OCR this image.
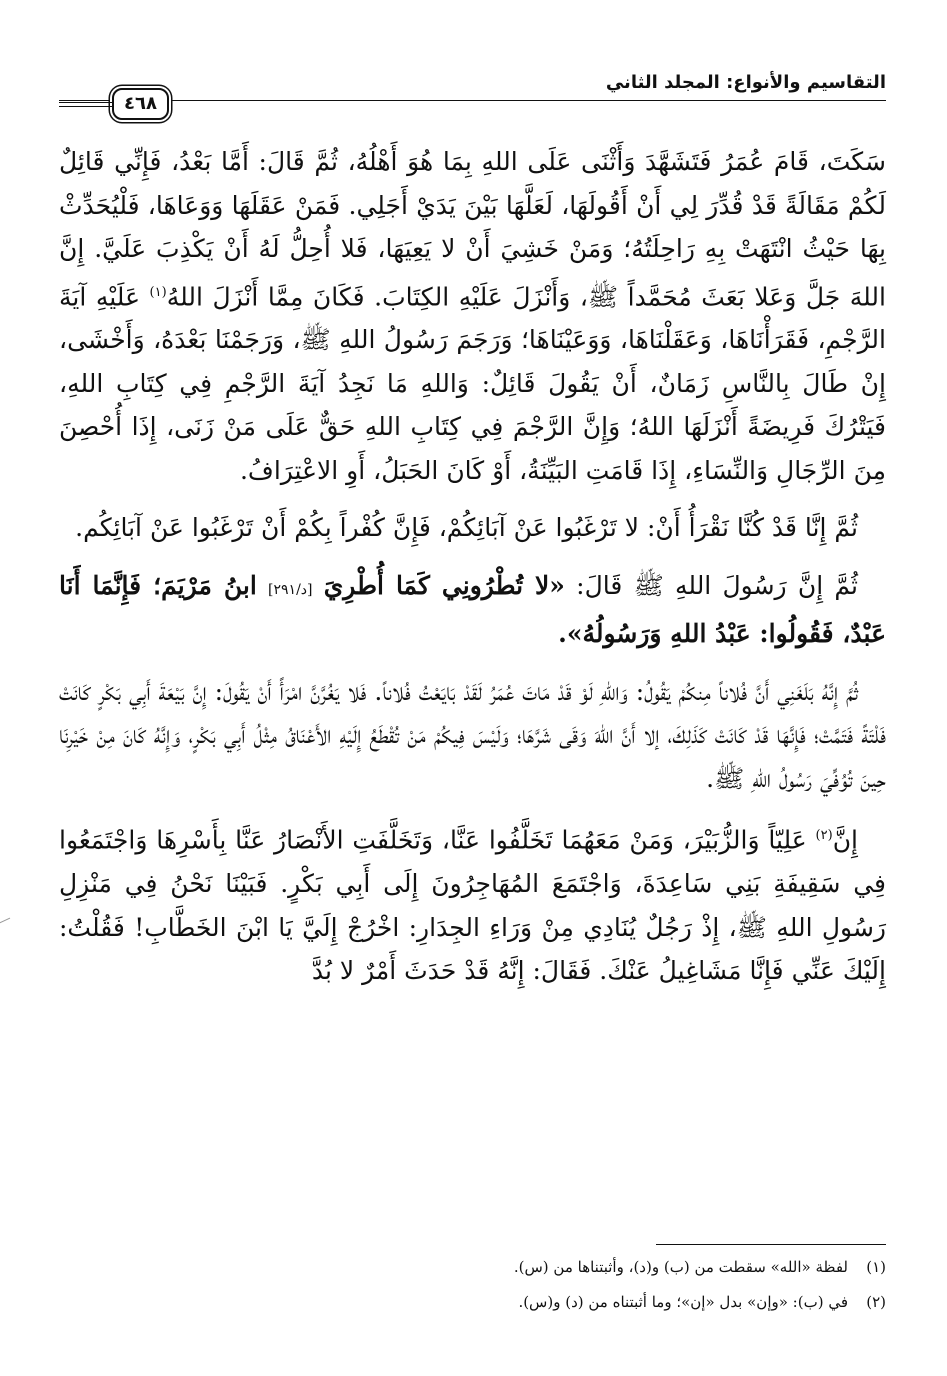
التقاسيم والأنواع: المجلد الثاني
٤٦٨

سَكَتَ، قَامَ عُمَرُ فَتَشَهَّدَ وَأَثْنَى عَلَى اللهِ بِمَا هُوَ أَهْلُهُ، ثُمَّ قَالَ: أَمَّا بَعْدُ، فَإِنِّي قَائِلٌ لَكُمْ مَقَالَةً قَدْ قُدِّرَ لِي أَنْ أَقُولَهَا، لَعَلَّهَا بَيْنَ يَدَيْ أَجَلِي. فَمَنْ عَقَلَهَا وَوَعَاهَا، فَلْيُحَدِّثْ بِهَا حَيْثُ انْتَهَتْ بِهِ رَاحِلَتُهُ؛ وَمَنْ خَشِيَ أَنْ لا يَعِيَهَا، فَلا أُحِلُّ لَهُ أَنْ يَكْذِبَ عَلَيَّ. إِنَّ اللهَ جَلَّ وَعَلا بَعَثَ مُحَمَّداً ﷺ، وَأَنْزَلَ عَلَيْهِ الكِتَابَ. فَكَانَ مِمَّا أَنْزَلَ اللهُ$^{(١)}$ عَلَيْهِ آيَةَ الرَّجْمِ، فَقَرَأْنَاهَا، وَعَقَلْنَاهَا، وَوَعَيْنَاهَا؛ وَرَجَمَ رَسُولُ اللهِ ﷺ، وَرَجَمْنَا بَعْدَهُ، وَأَخْشَى، إِنْ طَالَ بِالنَّاسِ زَمَانٌ، أَنْ يَقُولَ قَائِلٌ: وَاللهِ مَا نَجِدُ آيَةَ الرَّجْمِ فِي كِتَابِ اللهِ، فَيَتْرُكَ فَرِيضَةً أَنْزَلَهَا اللهُ؛ وَإِنَّ الرَّجْمَ فِي كِتَابِ اللهِ حَقٌّ عَلَى مَنْ زَنَى، إِذَا أُحْصِنَ مِنَ الرِّجَالِ وَالنِّسَاءِ، إِذَا قَامَتِ البَيِّنَةُ، أَوْ كَانَ الحَبَلُ، أَوِ الاعْتِرَافُ.

ثُمَّ إِنَّا قَدْ كُنَّا نَقْرَأُ أَنْ: لا تَرْغَبُوا عَنْ آبَائِكُمْ، فَإِنَّ كُفْراً بِكُمْ أَنْ تَرْغَبُوا عَنْ آبَائِكُم.

ثُمَّ إِنَّ رَسُولَ اللهِ ﷺ قَالَ: «لا تُطْرُونِي كَمَا أُطْرِيَ [د/٢٩١] ابنُ مَرْيَمَ؛ فَإِنَّمَا أَنَا عَبْدٌ، فَقُولُوا: عَبْدُ اللهِ وَرَسُولُهُ».

ثُمَّ إِنَّهُ بَلَغَنِي أَنَّ فُلاناً مِنكُمْ يَقُولُ: وَاللهِ لَوْ قَدْ مَاتَ عُمَرُ لَقَدْ بَايَعْتُ فُلاناً. فَلا يَغُرَّنَّ امْرَأً أَنْ يَقُولَ: إِنَّ بَيْعَةَ أَبِي بَكْرٍ كَانَتْ فَلْتَةً فَتَمَّتْ؛ فَإِنَّهَا قَدْ كَانَتْ كَذَلِكَ، إلا أَنَّ اللهَ وَقَى شَرَّهَا؛ وَلَيْسَ فِيكُمْ مَنْ تُقْطَعُ إِلَيْهِ الأَعْنَاقُ مِثْلُ أَبِي بَكْرٍ، وَإِنَّهُ كَانَ مِنْ خَيْرِنَا حِينَ تُوُفِّيَ رَسُولُ اللهِ ﷺ.

إِنَّ$^{(٢)}$ عَلِيّاً وَالزُّبَيْرَ، وَمَنْ مَعَهُمَا تَخَلَّفُوا عَنَّا، وَتَخَلَّفَتِ الأَنْصَارُ عَنَّا بِأَسْرِهَا وَاجْتَمَعُوا فِي سَقِيفَةِ بَنِي سَاعِدَةَ، وَاجْتَمَعَ المُهَاجِرُونَ إِلَى أَبِي بَكْرٍ. فَبَيْنَا نَحْنُ فِي مَنْزِلِ رَسُولِ اللهِ ﷺ، إِذْ رَجُلٌ يُنَادِي مِنْ وَرَاءِ الجِدَارِ: اخْرُجْ إِلَيَّ يَا ابْنَ الخَطَّابِ! فَقُلْتُ: إِلَيْكَ عَنِّي فَإِنَّا مَشَاغِيلُ عَنْكَ. فَقَالَ: إِنَّهُ قَدْ حَدَثَ أَمْرٌ لا بُدَّ

(١)لفظة «الله» سقطت من (ب) و(د)، وأثبتناها من (س).
(٢)في (ب): «وإن» بدل «إن»؛ وما أثبتناه من (د) و(س).
